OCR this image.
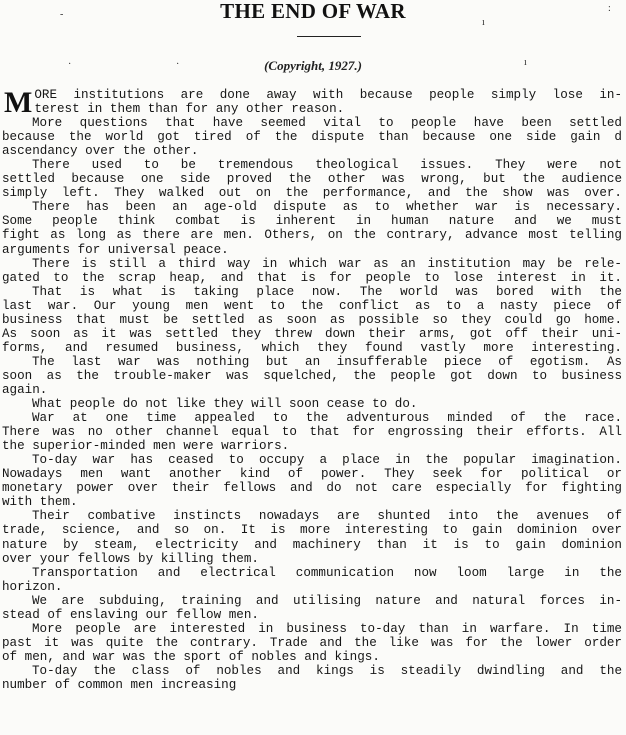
THE END OF WAR
(Copyright, 1927.)
-
ı
:
·	·	ı
M ORE institutions are done away with because people simply lose in-
terest in them than for any other reason.
More questions that have seemed vital to people have been settled
because the world got tired of the dispute than because one side gain d
ascendancy over the other.
There used to be tremendous theological issues. They were not
settled because one side proved the other was wrong, but the audience
simply left. They walked out on the performance, and the show was over.
There has been an age-old dispute as to whether war is necessary.
Some people think combat is inherent in human nature and we must
fight as long as there are men. Others, on the contrary, advance most telling
arguments for universal peace.
There is still a third way in which war as an institution may be rele-
gated to the scrap heap, and that is for people to lose interest in it.
That is what is taking place now. The world was bored with the
last war. Our young men went to the conflict as to a nasty piece of
business that must be settled as soon as possible so they could go home.
As soon as it was settled they threw down their arms, got off their uni-
forms, and resumed business, which they found vastly more interesting.
The last war was nothing but an insufferable piece of egotism. As
soon as the trouble-maker was squelched, the people got down to business
again.
What people do not like they will soon cease to do.
War at one time appealed to the adventurous minded of the race.
There was no other channel equal to that for engrossing their efforts. All
the superior-minded men were warriors.
To-day war has ceased to occupy a place in the popular imagination.
Nowadays men want another kind of power. They seek for political or
monetary power over their fellows and do not care especially for fighting
with them.
Their combative instincts nowadays are shunted into the avenues of
trade, science, and so on. It is more interesting to gain dominion over
nature by steam, electricity and machinery than it is to gain dominion
over your fellows by killing them.
Transportation and electrical communication now loom large in the
horizon.
We are subduing, training and utilising nature and natural forces in-
stead of enslaving our fellow men.
More people are interested in business to-day than in warfare. In time
past it was quite the contrary. Trade and the like was for the lower order
of men, and war was the sport of nobles and kings.
To-day the class of nobles and kings is steadily dwindling and the
number of common men increasing
